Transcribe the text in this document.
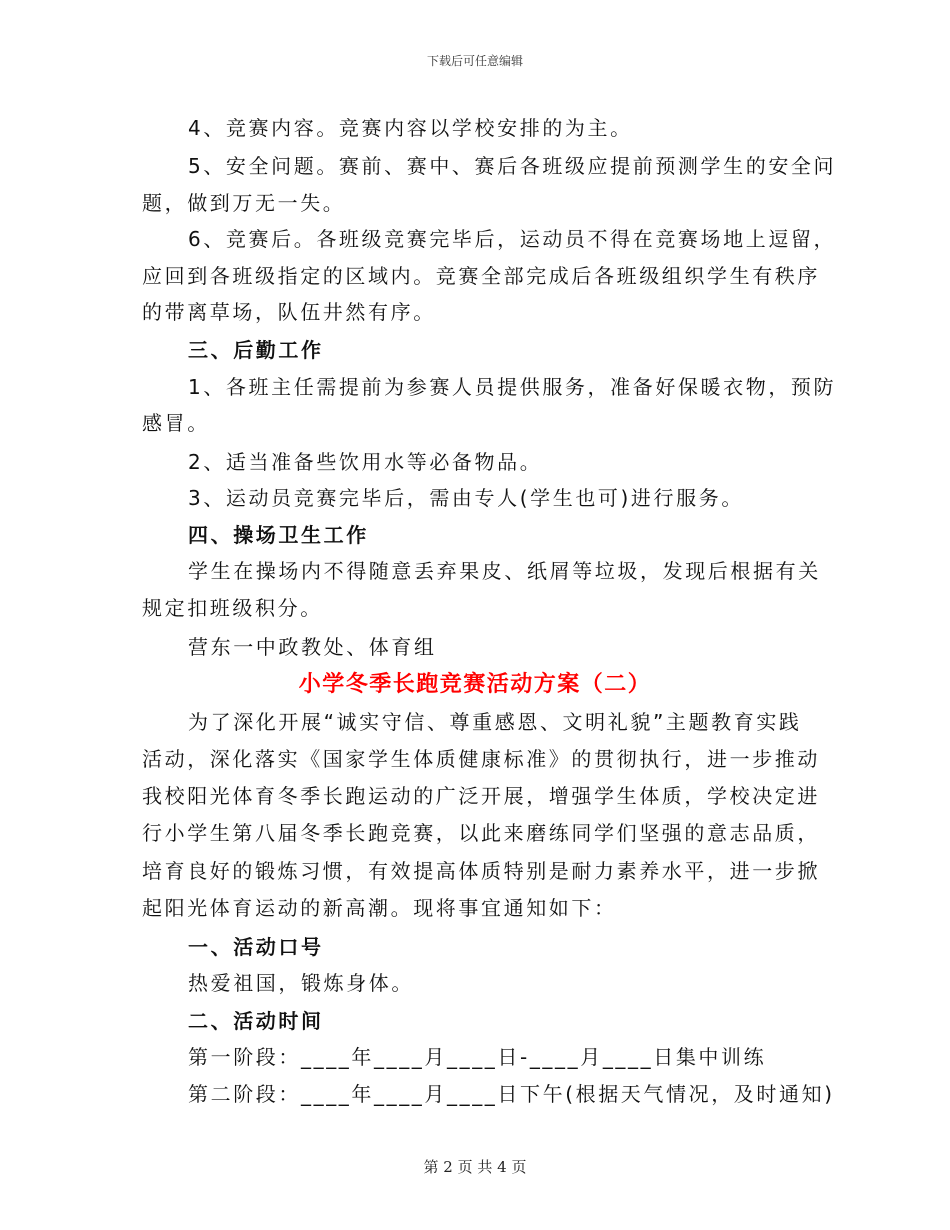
下载后可任意编辑
4、竞赛内容。竞赛内容以学校安排的为主。
5、安全问题。赛前、赛中、赛后各班级应提前预测学生的安全问
题，做到万无一失。
6、竞赛后。各班级竞赛完毕后，运动员不得在竞赛场地上逗留，
应回到各班级指定的区域内。竞赛全部完成后各班级组织学生有秩序
的带离草场，队伍井然有序。
三、后勤工作
1、各班主任需提前为参赛人员提供服务，准备好保暖衣物，预防
感冒。
2、适当准备些饮用水等必备物品。
3、运动员竞赛完毕后，需由专人(学生也可)进行服务。
四、操场卫生工作
学生在操场内不得随意丢弃果皮、纸屑等垃圾，发现后根据有关
规定扣班级积分。
营东一中政教处、体育组
小学冬季长跑竞赛活动方案（二）
为了深化开展“诚实守信、尊重感恩、文明礼貌”主题教育实践
活动，深化落实《国家学生体质健康标准》的贯彻执行，进一步推动
我校阳光体育冬季长跑运动的广泛开展，增强学生体质，学校决定进
行小学生第八届冬季长跑竞赛，以此来磨练同学们坚强的意志品质，
培育良好的锻炼习惯，有效提高体质特别是耐力素养水平，进一步掀
起阳光体育运动的新高潮。现将事宜通知如下：
一、活动口号
热爱祖国，锻炼身体。
二、活动时间
第一阶段：____年____月____日-____月____日集中训练
第二阶段：____年____月____日下午(根据天气情况，及时通知)
第 2 页 共 4 页
